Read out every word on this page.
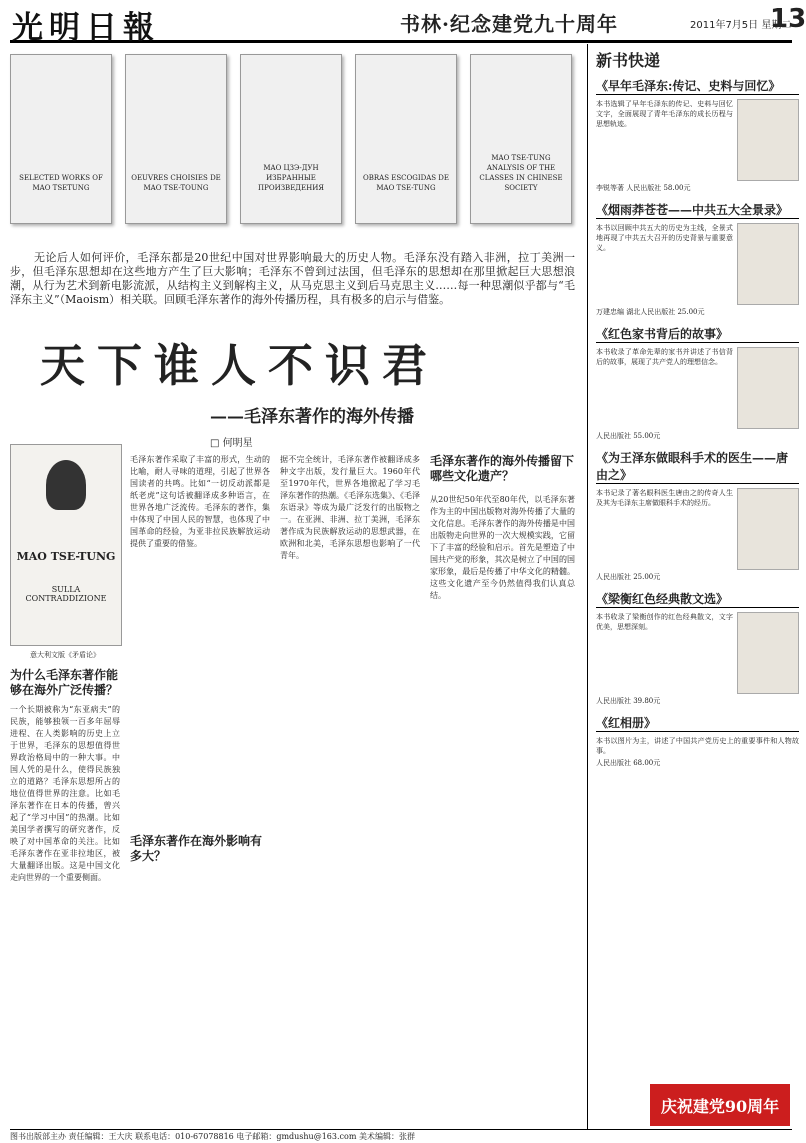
光明日報	书林·纪念建党九十周年	2011年7月5日 星期二
13
SELECTED WORKS OF MAO TSETUNG
OEUVRES CHOISIES DE MAO TSE-TOUNG
MAO ЦЗЭ-ДУН ИЗБРАННЫЕ ПРОИЗВЕДЕНИЯ
OBRAS ESCOGIDAS DE MAO TSE-TUNG
MAO TSE-TUNG ANALYSIS OF THE CLASSES IN CHINESE SOCIETY
无论后人如何评价，毛泽东都是20世纪中国对世界影响最大的历史人物。毛泽东没有踏入非洲，拉丁美洲一步，但毛泽东思想却在这些地方产生了巨大影响；毛泽东不曾到过法国，但毛泽东的思想却在那里掀起巨大思想浪潮，从行为艺术到新电影流派，从结构主义到解构主义，从马克思主义到后马克思主义……每一种思潮似乎都与“毛泽东主义”（Maoism）相关联。回顾毛泽东著作的海外传播历程，具有极多的启示与借鉴。
天下谁人不识君
——毛泽东著作的海外传播
□ 何明星
MAO TSE-TUNG
SULLA CONTRADDIZIONE
意大利文版《矛盾论》
为什么毛泽东著作能够在海外广泛传播？
一个长期被称为“东亚病夫”的民族，能够独领一百多年屈辱进程、在人类影响的历史上立于世界，毛泽东的思想值得世界政治格局中的一种大事。中国人凭的是什么，使得民族独立的道路？毛泽东思想所占的地位值得世界的注意。比如毛泽东著作在日本的传播，曾兴起了“学习中国”的热潮。比如美国学者撰写的研究著作，反映了对中国革命的关注。比如毛泽东著作在亚非拉地区，被大量翻译出版。这是中国文化走向世界的一个重要侧面。
毛泽东著作采取了丰富的形式，生动的比喻，耐人寻味的道理，引起了世界各国读者的共鸣。比如“一切反动派都是纸老虎”这句话被翻译成多种语言，在世界各地广泛流传。毛泽东的著作，集中体现了中国人民的智慧，也体现了中国革命的经验，为亚非拉民族解放运动提供了重要的借鉴。
毛泽东著作在海外影响有多大？
据不完全统计，毛泽东著作被翻译成多种文字出版，发行量巨大。1960年代至1970年代，世界各地掀起了学习毛泽东著作的热潮。《毛泽东选集》、《毛泽东语录》等成为最广泛发行的出版物之一。在亚洲、非洲、拉丁美洲，毛泽东著作成为民族解放运动的思想武器，在欧洲和北美，毛泽东思想也影响了一代青年。
毛泽东著作的海外传播留下哪些文化遗产？
从20世纪50年代至80年代，以毛泽东著作为主的中国出版物对海外传播了大量的文化信息。毛泽东著作的海外传播是中国出版物走向世界的一次大规模实践，它留下了丰富的经验和启示。首先是塑造了中国共产党的形象，其次是树立了中国的国家形象，最后是传播了中华文化的精髓。这些文化遗产至今仍然值得我们认真总结。
新书快递
《早年毛泽东:传记、史料与回忆》
本书选辑了早年毛泽东的传记、史料与回忆文字，全面展现了青年毛泽东的成长历程与思想轨迹。
李锐等著 人民出版社 58.00元
《烟雨莽苍苍——中共五大全景录》
本书以回顾中共五大的历史为主线，全景式地再现了中共五大召开的历史背景与重要意义。
万建忠编 湖北人民出版社 25.00元
《红色家书背后的故事》
本书收录了革命先辈的家书并讲述了书信背后的故事，展现了共产党人的理想信念。
人民出版社 55.00元
《为王泽东做眼科手术的医生——唐由之》
本书记录了著名眼科医生唐由之的传奇人生及其为毛泽东主席做眼科手术的经历。
人民出版社 25.00元
《梁衡红色经典散文选》
本书收录了梁衡创作的红色经典散文，文字优美，思想深刻。
人民出版社 39.80元
《红相册》
本书以图片为主，讲述了中国共产党历史上的重要事件和人物故事。
人民出版社 68.00元
庆祝建党90周年
图书出版部主办 责任编辑：王大庆 联系电话：010-67078816 电子邮箱：gmdushu@163.com 美术编辑：张群
